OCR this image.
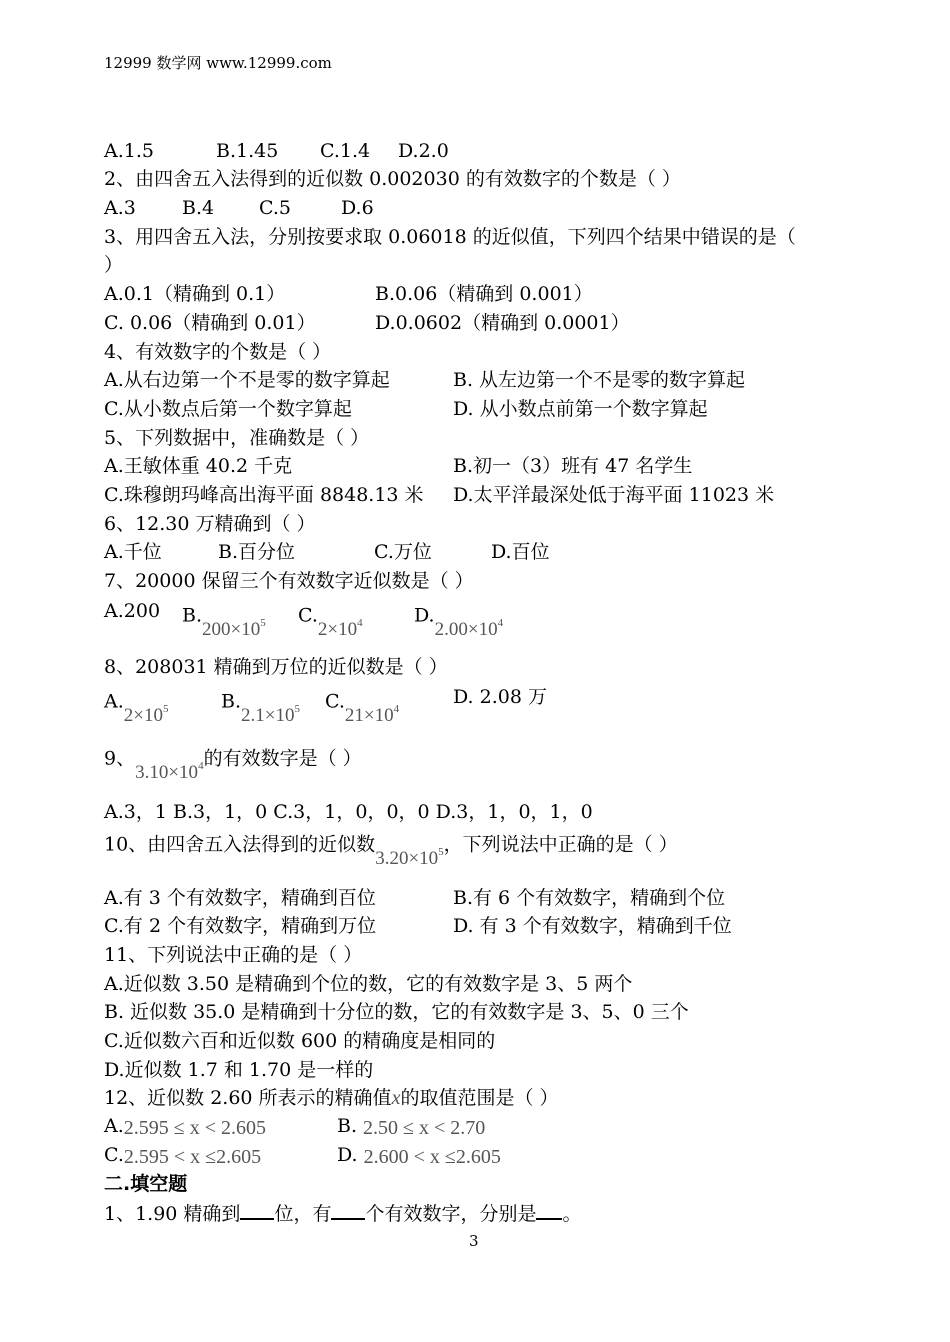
12999 数学网 www.12999.com
A.1.5	B.1.45 C.1.4 D.2.0
2、由四舍五入法得到的近似数 0.002030 的有效数字的个数是（ ）
A.3 B.4 C.5	D.6
3、用四舍五入法，分别按要求取 0.06018 的近似值，下列四个结果中错误的是（
）
A.0.1（精确到 0.1）	B.0.06（精确到 0.001）
C. 0.06（精确到 0.01）	D.0.0602（精确到 0.0001）
4、有效数字的个数是（ ）
A.从右边第一个不是零的数字算起	B. 从左边第一个不是零的数字算起
C.从小数点后第一个数字算起	D. 从小数点前第一个数字算起
5、下列数据中，准确数是（ ）
A.王敏体重 40.2 千克	B.初一（3）班有 47 名学生
C.珠穆朗玛峰高出海平面 8848.13 米 D.太平洋最深处低于海平面 11023 米
6、12.30 万精确到（ ）
A.千位	B.百分位	C.万位	D.百位
7、20000 保留三个有效数字近似数是（ ）
A.200 $B.200\times 10^5$ $C.2\times 10^4$	$D.2.00\times 10^4$
8、208031 精确到万位的近似数是（ ）
$A.2\times 10^5$	$B.2.1\times 10^5$ $C.21\times 10^4$
D. 2.08 万
9、$3.10\times 10^4$的有效数字是（ ）
A.3，1 B.3，1，0 C.3，1，0，0，0 D.3，1，0，1，0
10、由四舍五入法得到的近似数$3.20\times 10^5$，下列说法中正确的是（ ）
A.有 3 个有效数字，精确到百位	B.有 6 个有效数字，精确到个位
C.有 2 个有效数字，精确到万位	D. 有 3 个有效数字，精确到千位
11、下列说法中正确的是（ ）
A.近似数 3.50 是精确到个位的数，它的有效数字是 3、5 两个
B. 近似数 35.0 是精确到十分位的数，它的有效数字是 3、5、0 三个
C.近似数六百和近似数 600 的精确度是相同的
D.近似数 1.7 和 1.70 是一样的
12、近似数 2.60 所表示的精确值x的取值范围是（ ）
A.2.595 ≤ x < 2.605	B. 2.50 ≤ x < 2.70
C.2.595 < x ≤2.605	D. 2.600 < x ≤2.605
二.填空题
1、1.90 精确到 位，有 个有效数字，分别是 。
3
